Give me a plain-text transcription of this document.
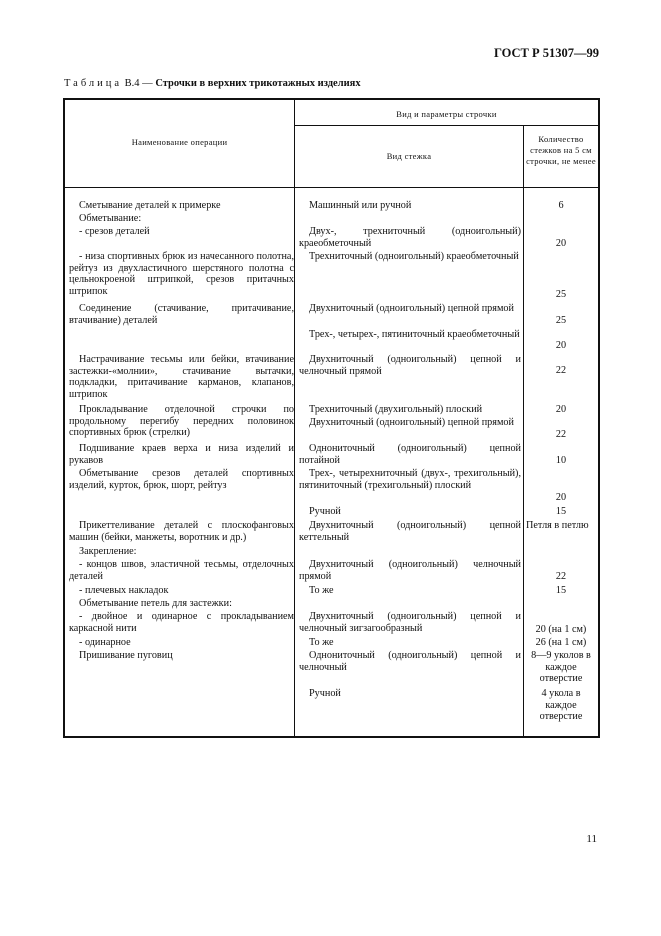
ГОСТ Р 51307—99
Таблица В.4 — Строчки в верхних трикотажных изделиях
Наименование операции
Вид и параметры строчки
Вид стежка
Количество стежков на 5 см строчки, не менее
Сметывание деталей к примерке
Обметывание:
- срезов деталей
- низа спортивных брюк из начесанного полотна, рейтуз из двухластичного шерстяного полотна с цельнокроеной штрипкой, срезов притачных штрипок
Соединение (стачивание, притачивание, втачивание) деталей
Настрачивание тесьмы или бейки, втачивание застежки-«молнии», стачивание вытачки, подкладки, притачивание карманов, клапанов, штрипок
Прокладывание отделочной строчки по продольному перегибу передних половинок спортивных брюк (стрелки)
Подшивание краев верха и низа изделий и рукавов
Обметывание срезов деталей спортивных изделий, курток, брюк, шорт, рейтуз
Прикеттеливание деталей с плоскофанговых машин (бейки, манжеты, воротник и др.)
Закрепление:
- концов швов, эластичной тесьмы, отделочных деталей
- плечевых накладок
Обметывание петель для застежки:
- двойное и одинарное с прокладыванием каркасной нити
- одинарное
Пришивание пуговиц
Машинный или ручной
Двух-, трехниточный (одноигольный) краеобметочный
Трехниточный (одноигольный) краеобметочный
Двухниточный (одноигольный) цепной прямой
Трех-, четырех-, пятиниточный краеобметочный
Двухниточный (одноигольный) цепной и челночный прямой
Трехниточный (двухигольный) плоский
Двухниточный (одноигольный) цепной прямой
Однониточный (одноигольный) цепной потайной
Трех-, четырехниточный (двух-, трехигольный), пятиниточный (трехигольный) плоский
Ручной
Двухниточный (одноигольный) цепной кеттельный
Двухниточный (одноигольный) челночный прямой
То же
Двухниточный (одноигольный) цепной и челночный зигзагообразный
То же
Однониточный (одноигольный) цепной и челночный
Ручной
6
20
25
25
20
22
20
22
10
20
15
Петля в петлю
22
15
20 (на 1 см)
26 (на 1 см)
8—9 уколов в каждое отверстие
4 укола в каждое отверстие
11
